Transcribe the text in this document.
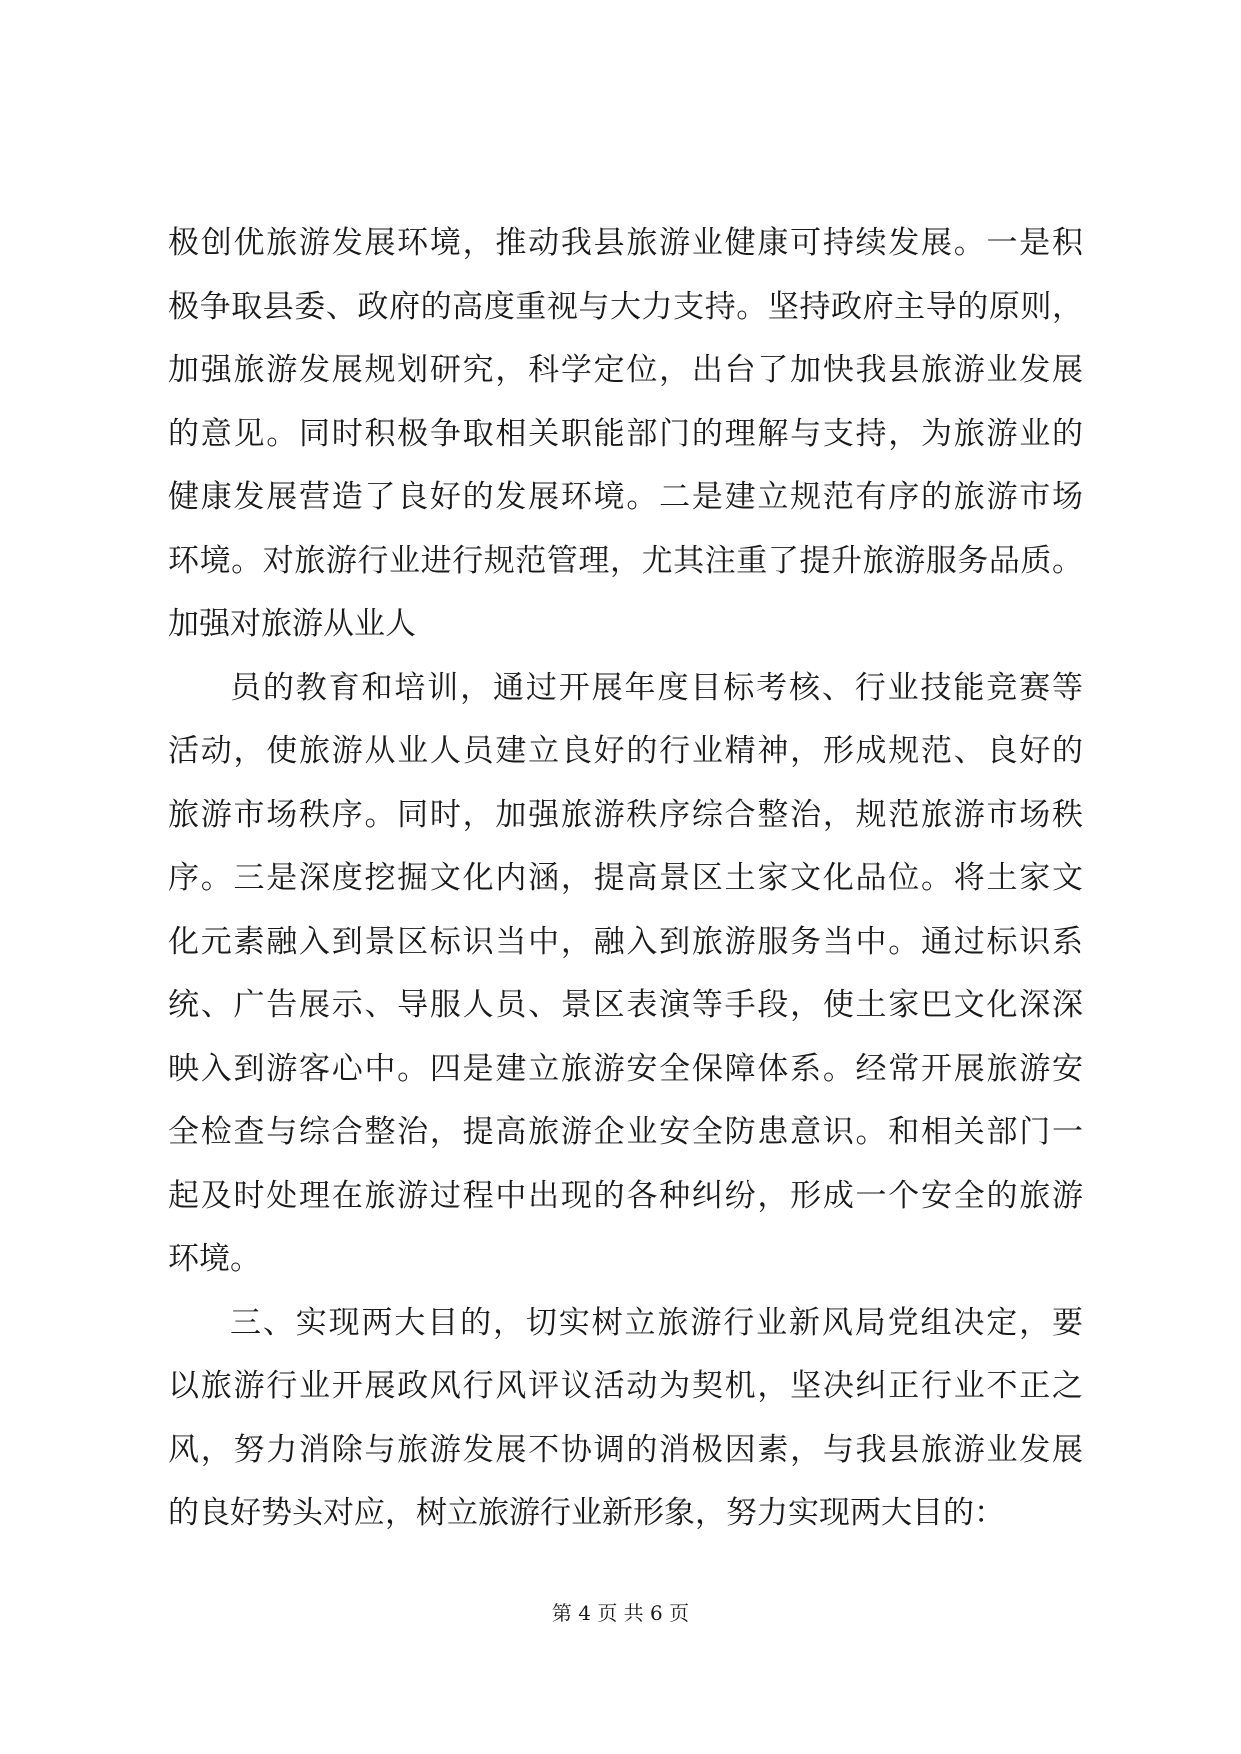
极创优旅游发展环境，推动我县旅游业健康可持续发展。一是积
极争取县委、政府的高度重视与大力支持。坚持政府主导的原则，
加强旅游发展规划研究，科学定位，出台了加快我县旅游业发展
的意见。同时积极争取相关职能部门的理解与支持，为旅游业的
健康发展营造了良好的发展环境。二是建立规范有序的旅游市场
环境。对旅游行业进行规范管理，尤其注重了提升旅游服务品质。
加强对旅游从业人
员的教育和培训，通过开展年度目标考核、行业技能竞赛等
活动，使旅游从业人员建立良好的行业精神，形成规范、良好的
旅游市场秩序。同时，加强旅游秩序综合整治，规范旅游市场秩
序。三是深度挖掘文化内涵，提高景区土家文化品位。将土家文
化元素融入到景区标识当中，融入到旅游服务当中。通过标识系
统、广告展示、导服人员、景区表演等手段，使土家巴文化深深
映入到游客心中。四是建立旅游安全保障体系。经常开展旅游安
全检查与综合整治，提高旅游企业安全防患意识。和相关部门一
起及时处理在旅游过程中出现的各种纠纷，形成一个安全的旅游
环境。
三、实现两大目的，切实树立旅游行业新风局党组决定，要
以旅游行业开展政风行风评议活动为契机，坚决纠正行业不正之
风，努力消除与旅游发展不协调的消极因素，与我县旅游业发展
的良好势头对应，树立旅游行业新形象，努力实现两大目的：
第 4 页 共 6 页
